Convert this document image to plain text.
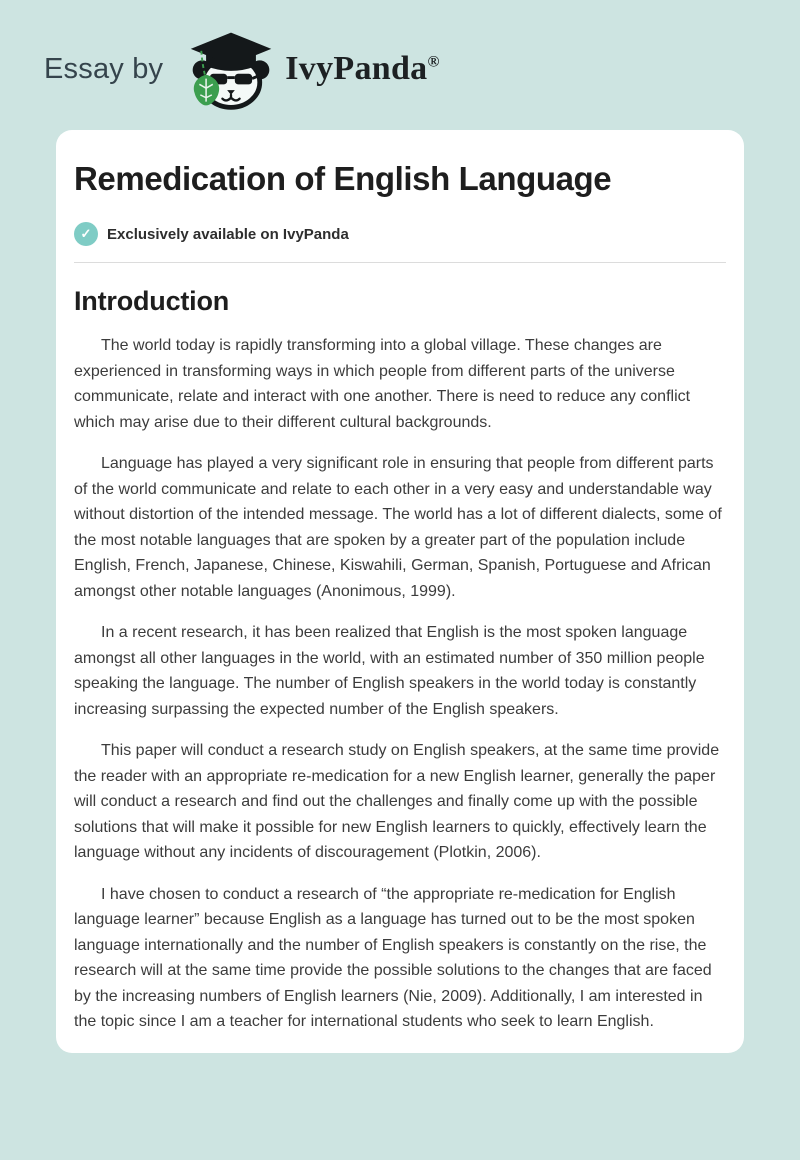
Essay by	IvyPanda®
Remedication of English Language
✓	Exclusively available on IvyPanda
Introduction

The world today is rapidly transforming into a global village. These changes are experienced in transforming ways in which people from different parts of the universe communicate, relate and interact with one another. There is need to reduce any conflict which may arise due to their different cultural backgrounds.

Language has played a very significant role in ensuring that people from different parts of the world communicate and relate to each other in a very easy and understandable way without distortion of the intended message. The world has a lot of different dialects, some of the most notable languages that are spoken by a greater part of the population include English, French, Japanese, Chinese, Kiswahili, German, Spanish, Portuguese and African amongst other notable languages (Anonimous, 1999).

In a recent research, it has been realized that English is the most spoken language amongst all other languages in the world, with an estimated number of 350 million people speaking the language. The number of English speakers in the world today is constantly increasing surpassing the expected number of the English speakers.

This paper will conduct a research study on English speakers, at the same time provide the reader with an appropriate re-medication for a new English learner, generally the paper will conduct a research and find out the challenges and finally come up with the possible solutions that will make it possible for new English learners to quickly, effectively learn the language without any incidents of discouragement (Plotkin, 2006).

I have chosen to conduct a research of “the appropriate re-medication for English language learner” because English as a language has turned out to be the most spoken language internationally and the number of English speakers is constantly on the rise, the research will at the same time provide the possible solutions to the changes that are faced by the increasing numbers of English learners (Nie, 2009). Additionally, I am interested in the topic since I am a teacher for international students who seek to learn English.
